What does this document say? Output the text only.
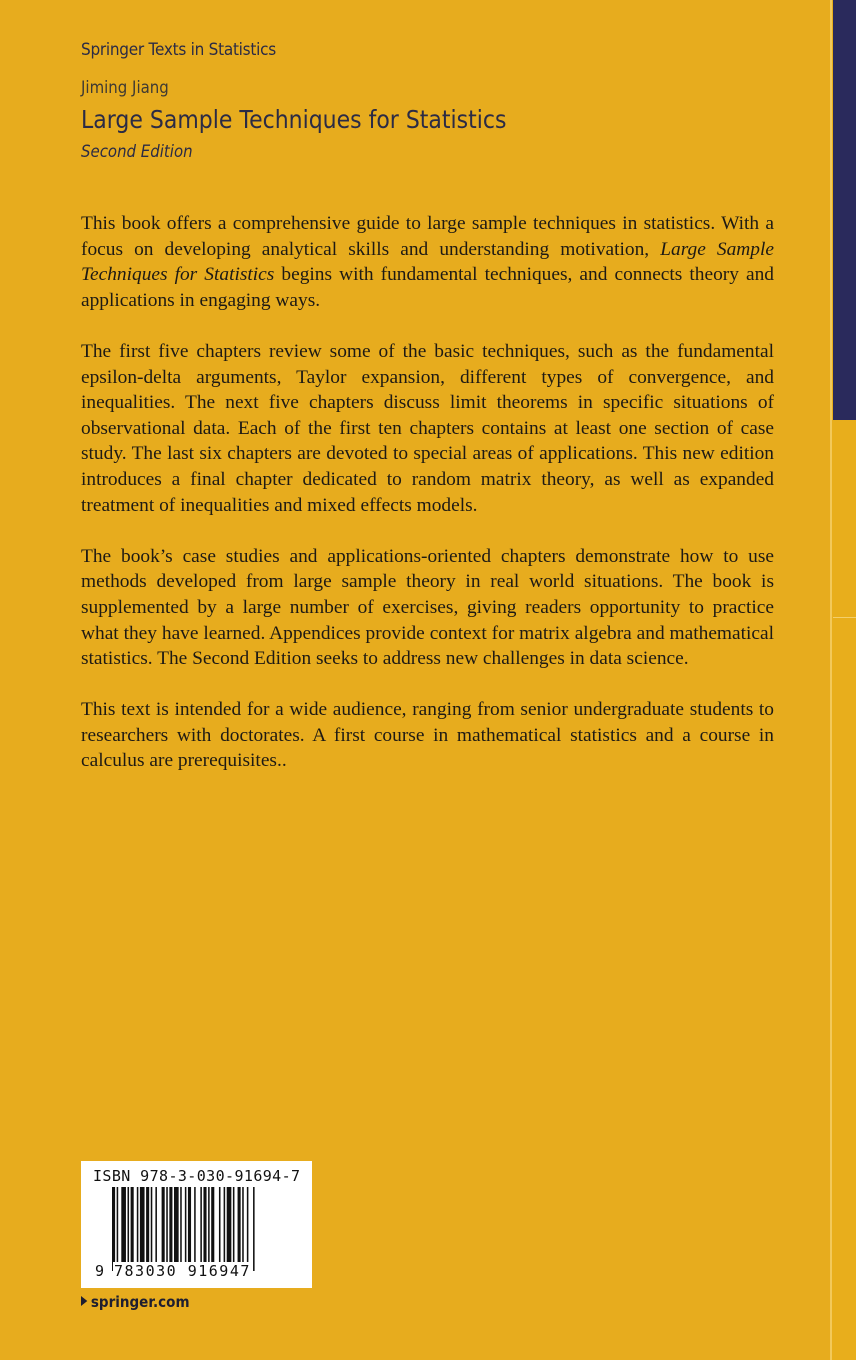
Springer Texts in Statistics
Jiming Jiang
Large Sample Techniques for Statistics
Second Edition

This book offers a comprehensive guide to large sample techniques in statistics. With a focus on developing analytical skills and understanding motivation, Large Sample Techniques for Statistics begins with fundamental techniques, and connects theory and applications in engaging ways.

The first five chapters review some of the basic techniques, such as the fundamental epsilon-delta arguments, Taylor expansion, different types of convergence, and inequalities. The next five chapters discuss limit theorems in specific situations of observational data. Each of the first ten chapters contains at least one section of case study. The last six chapters are devoted to special areas of applications. This new edition introduces a final chapter dedicated to random matrix theory, as well as expanded treatment of inequalities and mixed effects models.

The book’s case studies and applications-oriented chapters demonstrate how to use methods developed from large sample theory in real world situations. The book is supplemented by a large number of exercises, giving readers opportunity to practice what they have learned. Appendices provide context for matrix algebra and mathematical statistics. The Second Edition seeks to address new challenges in data science.

This text is intended for a wide audience, ranging from senior undergraduate students to researchers with doctorates. A first course in mathematical statistics and a course in calculus are prerequisites..

ISBN 978-3-030-91694-7
9 783030 916947
springer.com
